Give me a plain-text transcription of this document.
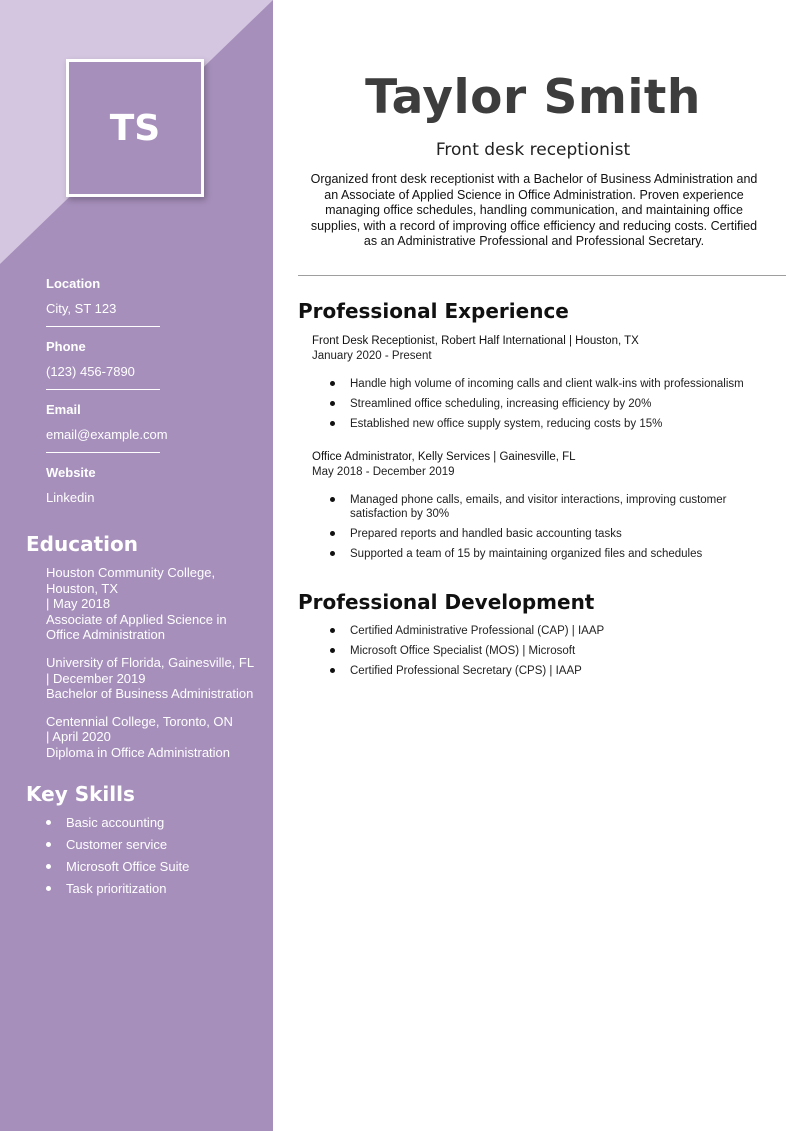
TS
Location
City, ST 123
Phone
(123) 456-7890
Email
email@example.com
Website
Linkedin
Education
Houston Community College,
Houston, TX
| May 2018
Associate of Applied Science in
Office Administration
University of Florida, Gainesville, FL
| December 2019
Bachelor of Business Administration
Centennial College, Toronto, ON
| April 2020
Diploma in Office Administration
Key Skills
Basic accounting
Customer service
Microsoft Office Suite
Task prioritization
Taylor Smith
Front desk receptionist
Organized front desk receptionist with a Bachelor of Business Administration and an Associate of Applied Science in Office Administration. Proven experience managing office schedules, handling communication, and maintaining office supplies, with a record of improving office efficiency and reducing costs. Certified as an Administrative Professional and Professional Secretary.
Professional Experience
Front Desk Receptionist, Robert Half International | Houston, TX
January 2020 - Present
Handle high volume of incoming calls and client walk-ins with professionalism
Streamlined office scheduling, increasing efficiency by 20%
Established new office supply system, reducing costs by 15%
Office Administrator, Kelly Services | Gainesville, FL
May 2018 - December 2019
Managed phone calls, emails, and visitor interactions, improving customer satisfaction by 30%
Prepared reports and handled basic accounting tasks
Supported a team of 15 by maintaining organized files and schedules
Professional Development
Certified Administrative Professional (CAP) | IAAP
Microsoft Office Specialist (MOS) | Microsoft
Certified Professional Secretary (CPS) | IAAP
